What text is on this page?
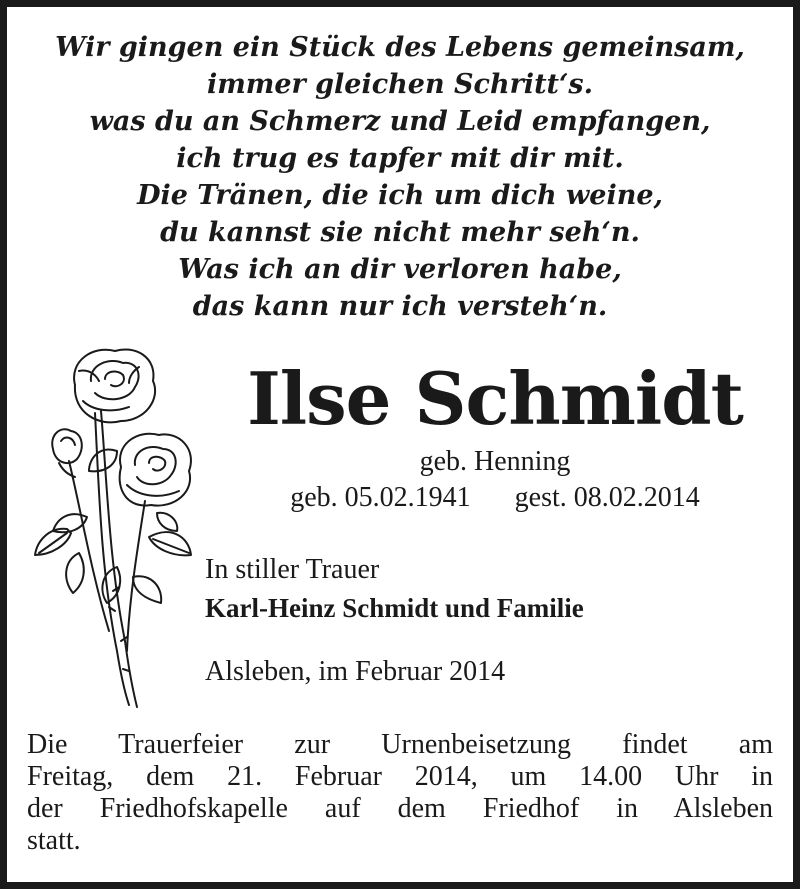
Wir gingen ein Stück des Lebens gemeinsam,
immer gleichen Schritt‘s.
was du an Schmerz und Leid empfangen,
ich trug es tapfer mit dir mit.
Die Tränen, die ich um dich weine,
du kannst sie nicht mehr seh‘n.
Was ich an dir verloren habe,
das kann nur ich versteh‘n.
Ilse Schmidt
geb. Henning
geb. 05.02.1941 gest. 08.02.2014
In stiller Trauer
Karl-Heinz Schmidt und Familie
Alsleben, im Februar 2014
Die Trauerfeier zur Urnenbeisetzung findet am
Freitag, dem 21. Februar 2014, um 14.00 Uhr in
der Friedhofskapelle auf dem Friedhof in Alsleben
statt.
